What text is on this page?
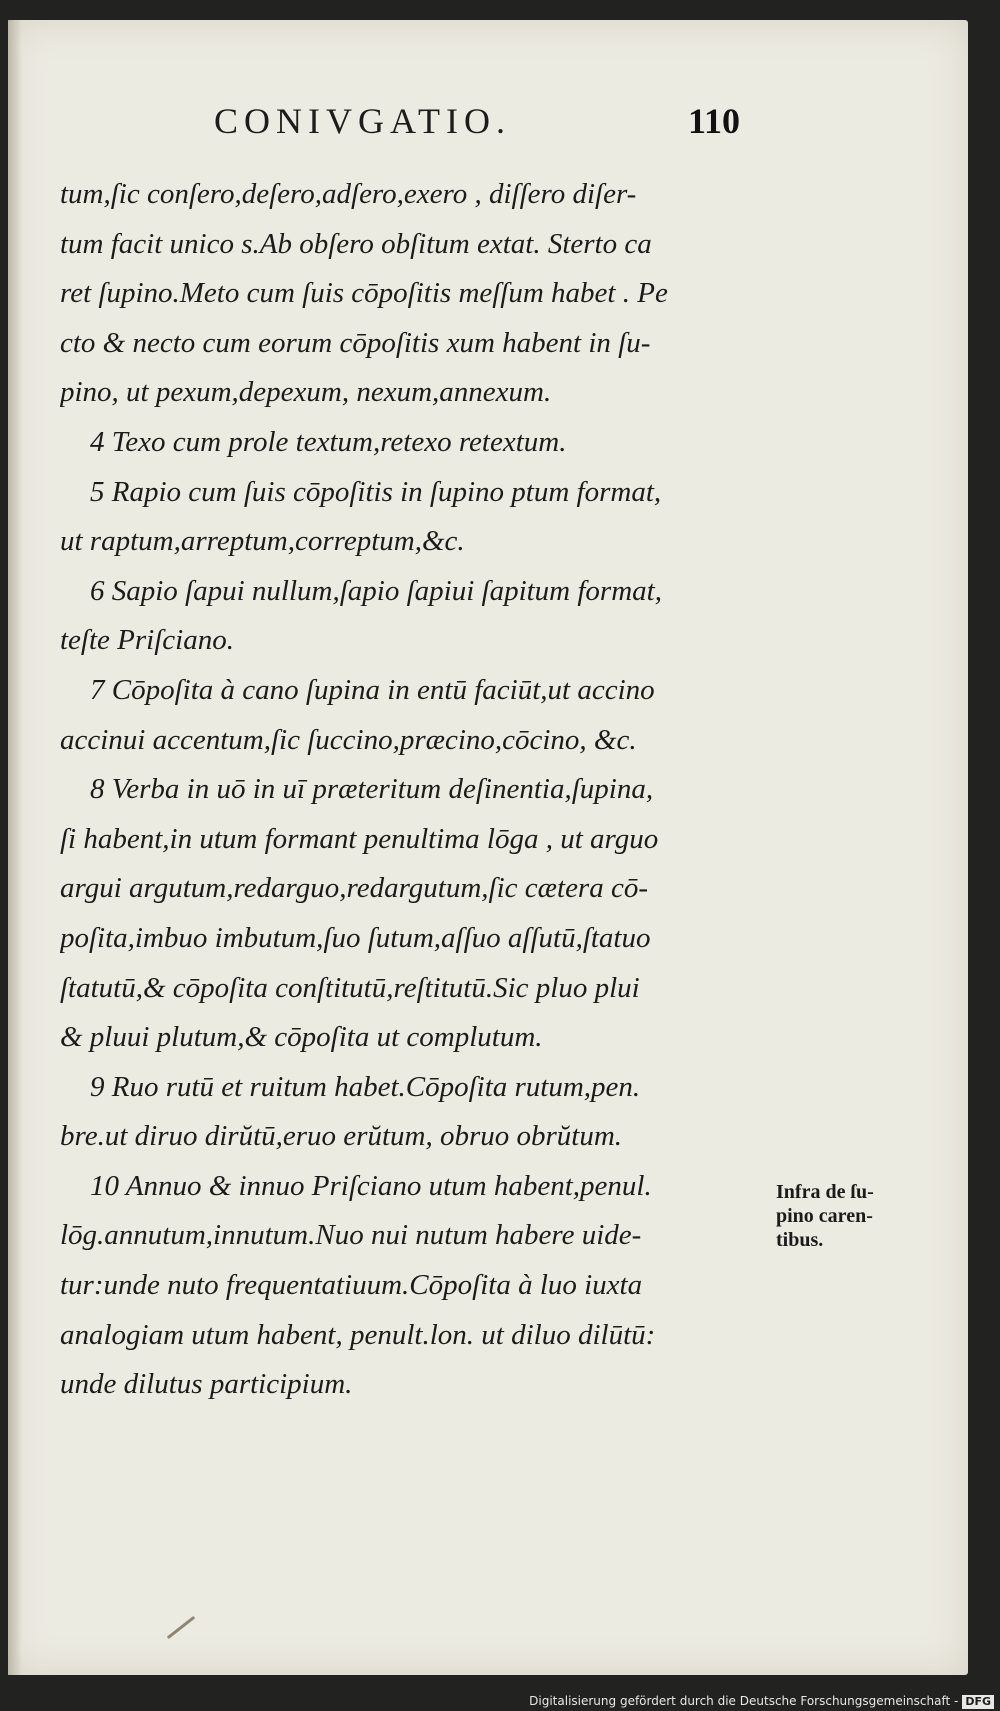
CONIVGATIO.	110
tum,ſic conſero,deſero,adſero,exero , diſſero diſer-
tum facit unico s.Ab obſero obſitum extat. Sterto ca
ret ſupino.Meto cum ſuis cōpoſitis meſſum habet . Pe
cto & necto cum eorum cōpoſitis xum habent in ſu-
pino, ut pexum,depexum, nexum,annexum.
4 Texo cum prole textum,retexo retextum.
5 Rapio cum ſuis cōpoſitis in ſupino ptum format,
ut raptum,arreptum,correptum,&c.
6 Sapio ſapui nullum,ſapio ſapiui ſapitum format,
teſte Priſciano.
7 Cōpoſita à cano ſupina in entū faciūt,ut accino
accinui accentum,ſic ſuccino,præcino,cōcino, &c.
8 Verba in uō in uī præteritum deſinentia,ſupina,
ſi habent,in utum formant penultima lōga , ut arguo
argui argutum,redarguo,redargutum,ſic cætera cō-
poſita,imbuo imbutum,ſuo ſutum,aſſuo aſſutū,ſtatuo
ſtatutū,& cōpoſita conſtitutū,reſtitutū.Sic pluo plui
& pluui plutum,& cōpoſita ut complutum.
9 Ruo rutū et ruitum habet.Cōpoſita rutum,pen.
bre.ut diruo dirŭtū,eruo erŭtum, obruo obrŭtum.
10 Annuo & innuo Priſciano utum habent,penul.
lōg.annutum,innutum.Nuo nui nutum habere uide-
tur:unde nuto frequentatiuum.Cōpoſita à luo iuxta
analogiam utum habent, penult.lon. ut diluo dilūtū:
unde dilutus participium.
Infra de ſu-
pino caren-
tibus.
Digitalisierung gefördert durch die Deutsche Forschungsgemeinschaft - DFG
